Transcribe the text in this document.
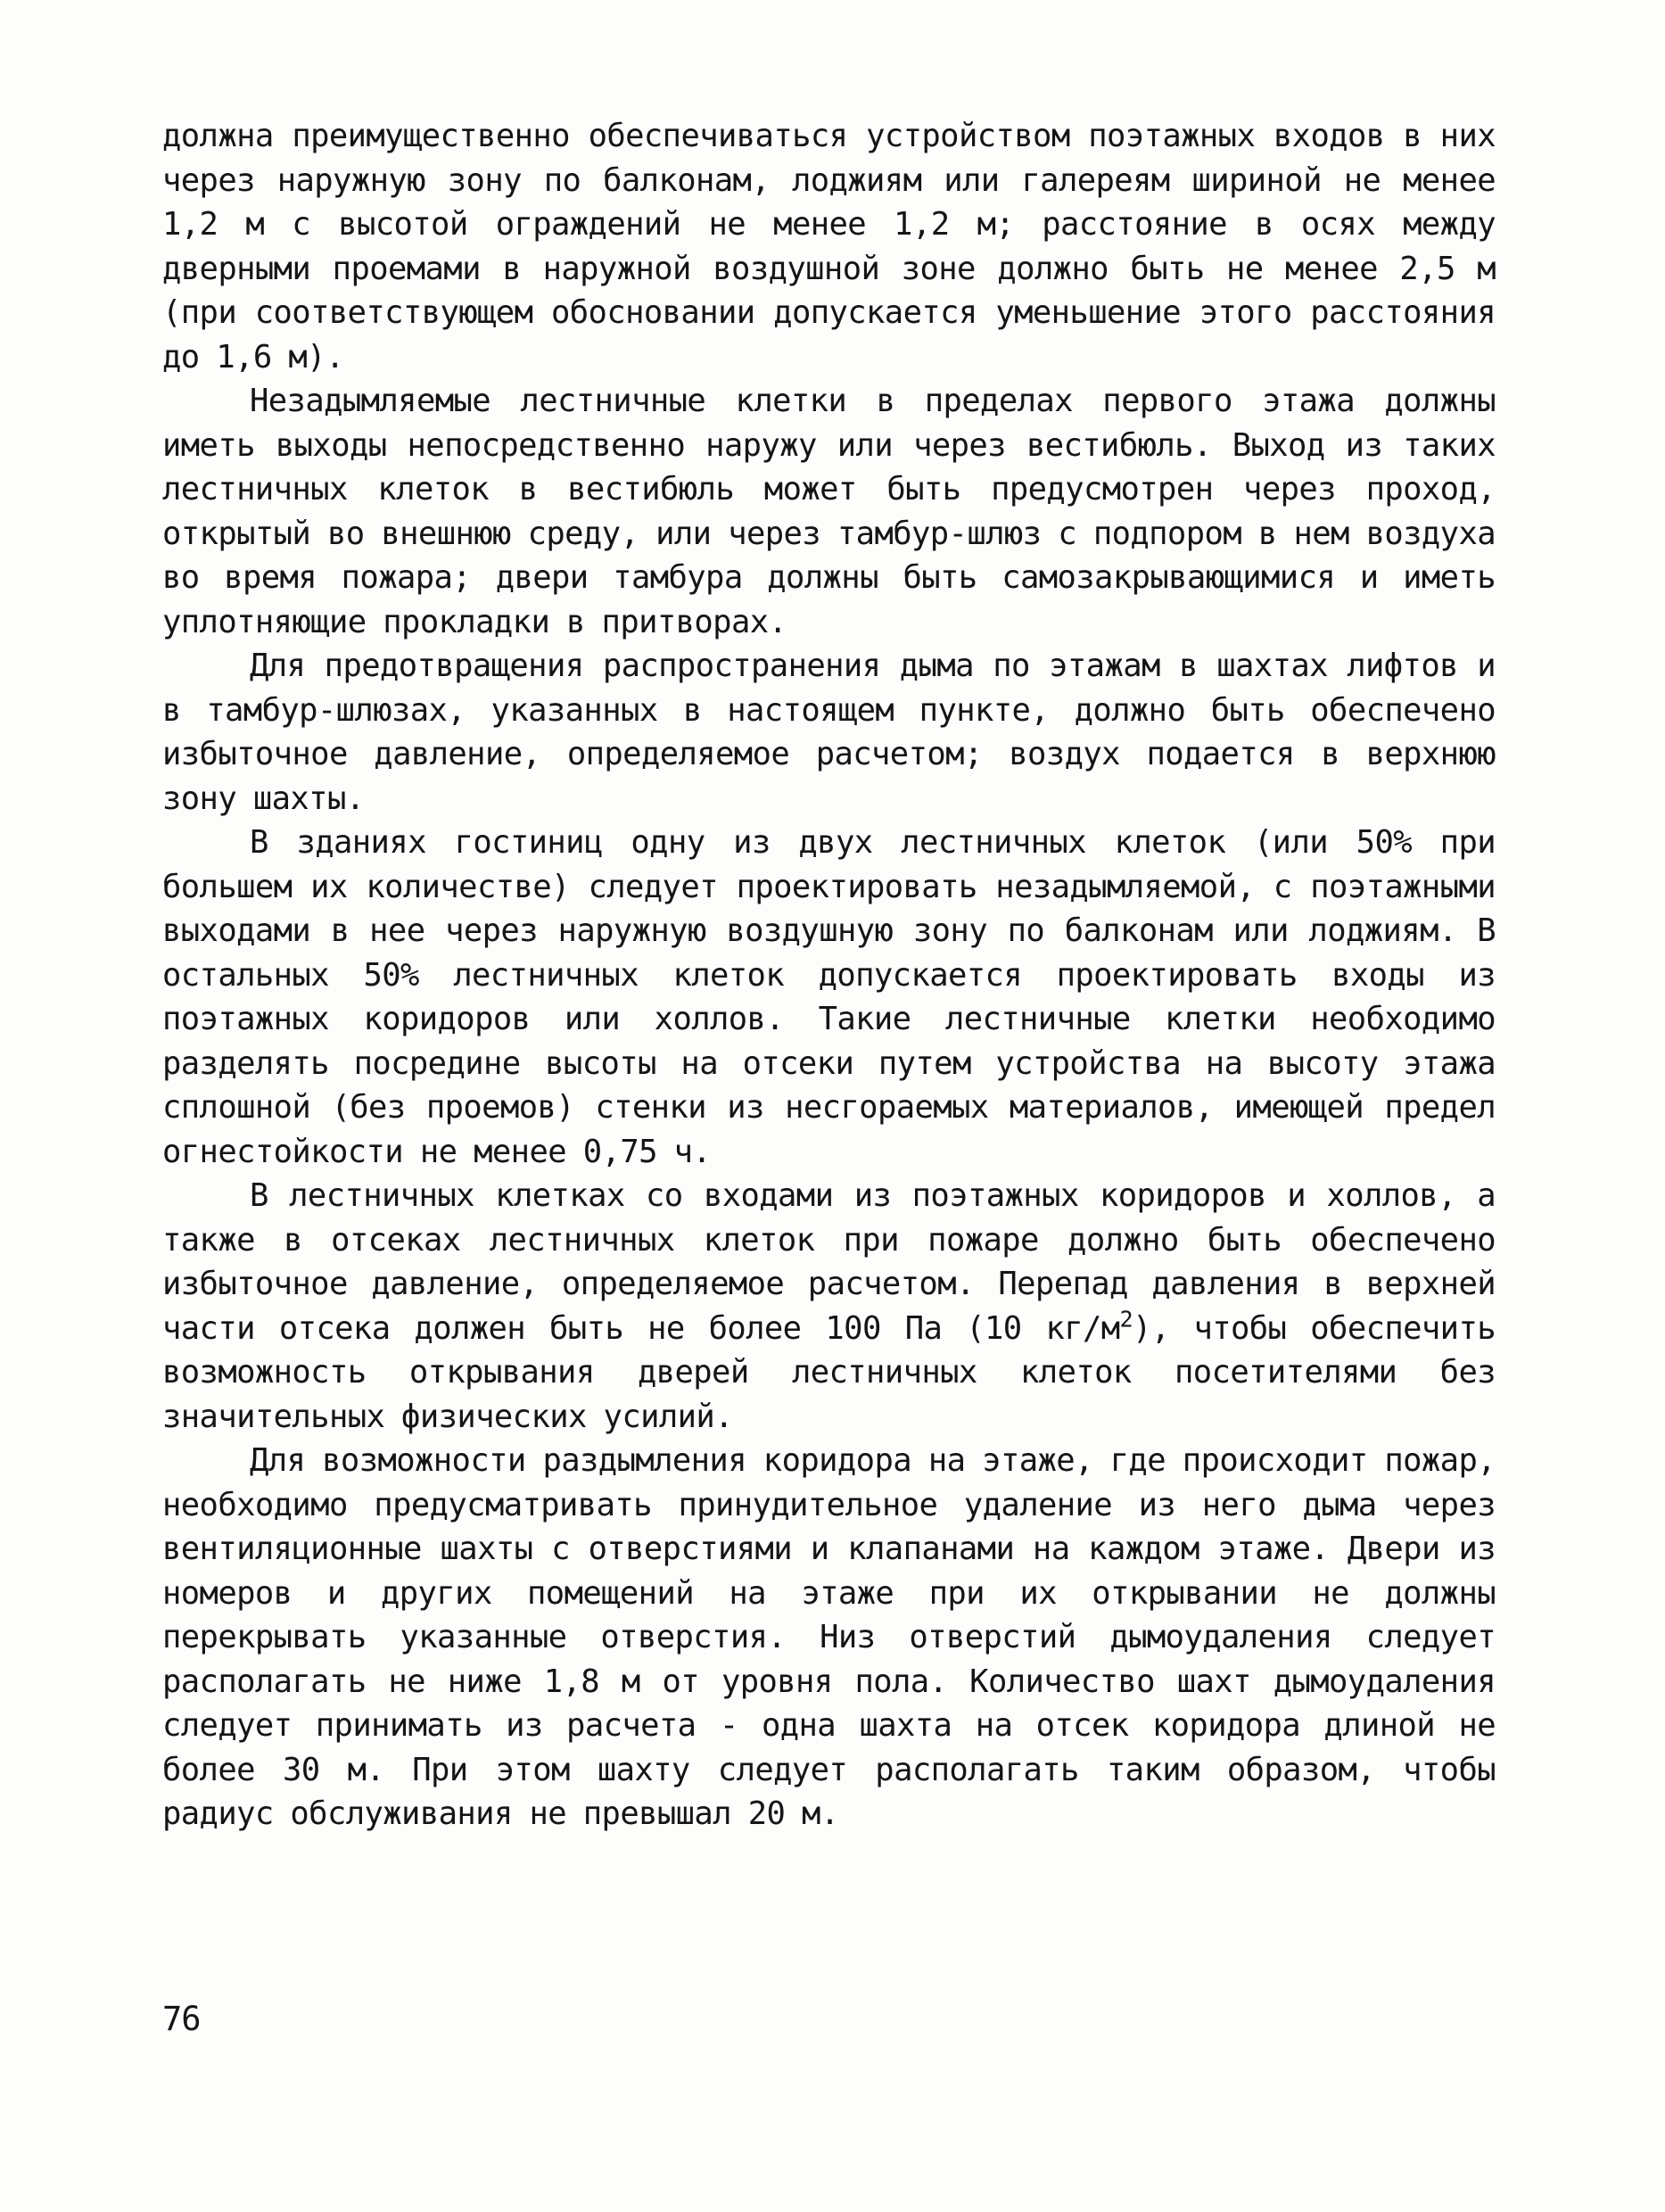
должна преимущественно обеспечиваться устройством поэтажных входов в них через наружную зону по балконам, лоджиям или галереям шириной не менее 1,2 м с высотой ограждений не менее 1,2 м; расстояние в осях между дверными проемами в наружной воздушной зоне должно быть не менее 2,5 м (при соответствующем обосновании допускается уменьшение этого расстояния до 1,6 м).

Незадымляемые лестничные клетки в пределах первого этажа должны иметь выходы непосредственно наружу или через вестибюль. Выход из таких лестничных клеток в вестибюль может быть предусмотрен через проход, открытый во внешнюю среду, или через тамбур-шлюз с подпором в нем воздуха во время пожара; двери тамбура должны быть самозакрывающимися и иметь уплотняющие прокладки в притворах.

Для предотвращения распространения дыма по этажам в шахтах лифтов и в тамбур-шлюзах, указанных в настоящем пункте, должно быть обеспечено избыточное давление, определяемое расчетом; воздух подается в верхнюю зону шахты.

В зданиях гостиниц одну из двух лестничных клеток (или 50% при большем их количестве) следует проектировать незадымляемой, с поэтажными выходами в нее через наружную воздушную зону по балконам или лоджиям. В остальных 50% лестничных клеток допускается проектировать входы из поэтажных коридоров или холлов. Такие лестничные клетки необходимо разделять посредине высоты на отсеки путем устройства на высоту этажа сплошной (без проемов) стенки из несгораемых материалов, имеющей предел огнестойкости не менее 0,75 ч.

В лестничных клетках со входами из поэтажных коридоров и холлов, а также в отсеках лестничных клеток при пожаре должно быть обеспечено избыточное давление, определяемое расчетом. Перепад давления в верхней части отсека должен быть не более 100 Па (10 $кг/м^2$), чтобы обеспечить возможность открывания дверей лестничных клеток посетителями без значительных физических усилий.

Для возможности раздымления коридора на этаже, где происходит пожар, необходимо предусматривать принудительное удаление из него дыма через вентиляционные шахты с отверстиями и клапанами на каждом этаже. Двери из номеров и других помещений на этаже при их открывании не должны перекрывать указанные отверстия. Низ отверстий дымоудаления следует располагать не ниже 1,8 м от уровня пола. Количество шахт дымоудаления следует принимать из расчета - одна шахта на отсек коридора длиной не более 30 м. При этом шахту следует располагать таким образом, чтобы радиус обслуживания не превышал 20 м.

76
